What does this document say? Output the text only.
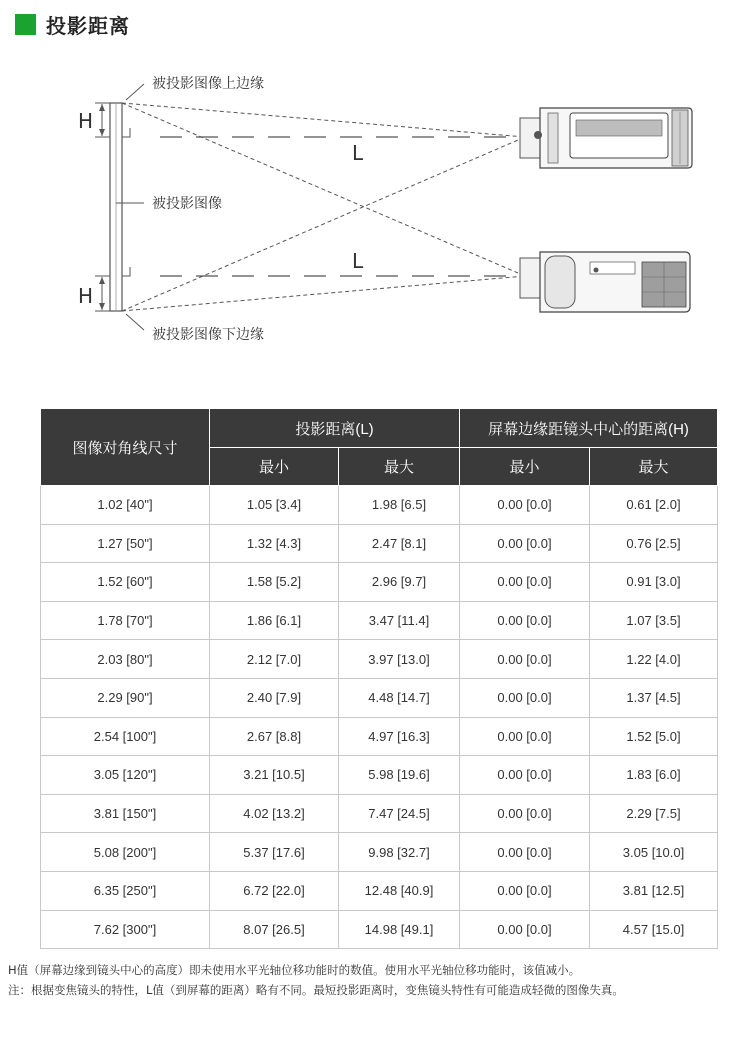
投影距离
H
H
L
L
被投影图像上边缘
被投影图像
被投影图像下边缘
图像对角线尺寸	投影距离(L)		屏幕边缘距镜头中心的距离(H)	
	最小	最大	最小	最大
1.02 [40"]	1.05 [3.4]	1.98 [6.5]	0.00 [0.0]	0.61 [2.0]
1.27 [50"]	1.32 [4.3]	2.47 [8.1]	0.00 [0.0]	0.76 [2.5]
1.52 [60"]	1.58 [5.2]	2.96 [9.7]	0.00 [0.0]	0.91 [3.0]
1.78 [70"]	1.86 [6.1]	3.47 [11.4]	0.00 [0.0]	1.07 [3.5]
2.03 [80"]	2.12 [7.0]	3.97 [13.0]	0.00 [0.0]	1.22 [4.0]
2.29 [90"]	2.40 [7.9]	4.48 [14.7]	0.00 [0.0]	1.37 [4.5]
2.54 [100"]	2.67 [8.8]	4.97 [16.3]	0.00 [0.0]	1.52 [5.0]
3.05 [120"]	3.21 [10.5]	5.98 [19.6]	0.00 [0.0]	1.83 [6.0]
3.81 [150"]	4.02 [13.2]	7.47 [24.5]	0.00 [0.0]	2.29 [7.5]
5.08 [200"]	5.37 [17.6]	9.98 [32.7]	0.00 [0.0]	3.05 [10.0]
6.35 [250"]	6.72 [22.0]	12.48 [40.9]	0.00 [0.0]	3.81 [12.5]
7.62 [300"]	8.07 [26.5]	14.98 [49.1]	0.00 [0.0]	4.57 [15.0]
H值（屏幕边缘到镜头中心的高度）即未使用水平光轴位移功能时的数值。使用水平光轴位移功能时，该值减小。
注：根据变焦镜头的特性，L值（到屏幕的距离）略有不同。最短投影距离时，变焦镜头特性有可能造成轻微的图像失真。
